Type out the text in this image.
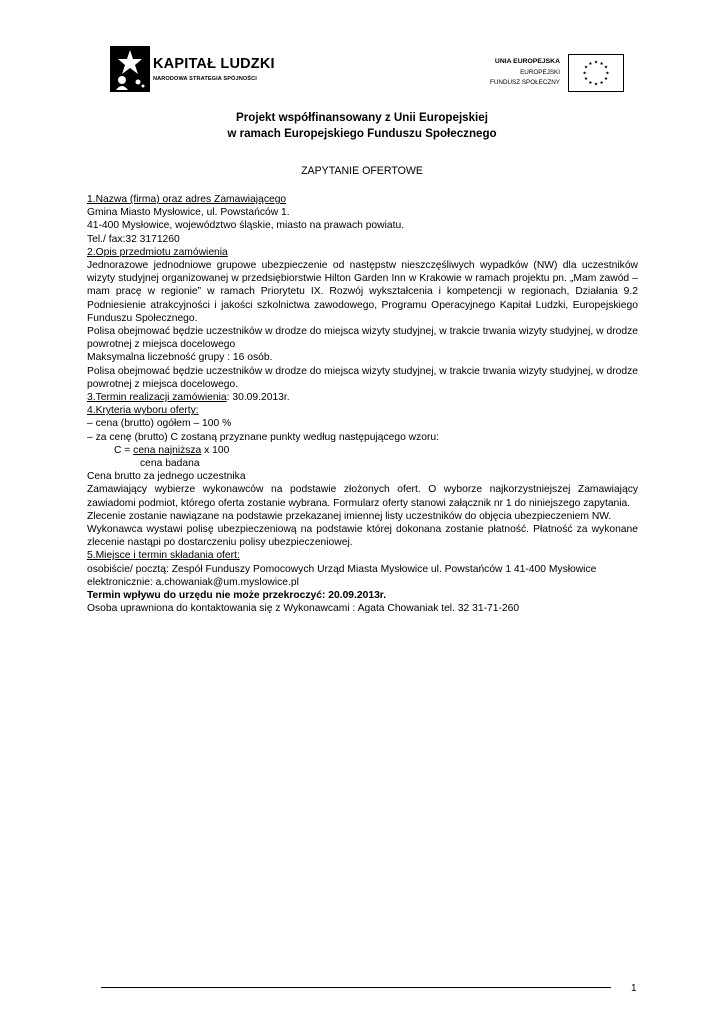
KAPITAŁ LUDZKI
NARODOWA STRATEGIA SPÓJNOŚCI
UNIA EUROPEJSKA
EUROPEJSKI
FUNDUSZ SPOŁECZNY
★ ★
★
★
★
★
★
★
★
★
★
★
Projekt współfinansowany z Unii Europejskiej
w ramach Europejskiego Funduszu Społecznego
ZAPYTANIE OFERTOWE

1.Nazwa (firma) oraz adres Zamawiającego

Gmina Miasto Mysłowice, ul. Powstańców 1.

41-400 Mysłowice, województwo śląskie, miasto na prawach powiatu.

Tel./ fax:32 3171260

2.Opis przedmiotu zamówienia

Jednorazowe jednodniowe grupowe ubezpieczenie od następstw nieszczęśliwych wypadków (NW) dla uczestników wizyty studyjnej organizowanej w przedsiębiorstwie Hilton Garden Inn w Krakowie w ramach projektu pn. „Mam zawód – mam pracę w regionie” w ramach Priorytetu IX. Rozwój wykształcenia i kompetencji w regionach, Działania 9.2 Podniesienie atrakcyjności i jakości szkolnictwa zawodowego, Programu Operacyjnego Kapitał Ludzki, Europejskiego Funduszu Społecznego.

Polisa obejmować będzie uczestników w drodze do miejsca wizyty studyjnej, w trakcie trwania wizyty studyjnej, w drodze powrotnej z miejsca docelowego

Maksymalna liczebność grupy : 16 osób.

Polisa obejmować będzie uczestników w drodze do miejsca wizyty studyjnej, w trakcie trwania wizyty studyjnej, w drodze powrotnej z miejsca docelowego.

3.Termin realizacji zamówienia: 30.09.2013r.

4.Kryteria wyboru oferty:

– cena (brutto) ogółem – 100 %

– za cenę (brutto) C zostaną przyznane punkty według następującego wzoru:

C = cena najniższa x 100

cena badana

Cena brutto za jednego uczestnika

Zamawiający wybierze wykonawców na podstawie złożonych ofert. O wyborze najkorzystniejszej Zamawiający zawiadomi podmiot, którego oferta zostanie wybrana. Formularz oferty stanowi załącznik nr 1 do niniejszego zapytania.

Zlecenie zostanie nawiązane na podstawie przekazanej imiennej listy uczestników do objęcia ubezpieczeniem NW.

Wykonawca wystawi polisę ubezpieczeniową na podstawie której dokonana zostanie płatność. Płatność za wykonane zlecenie nastąpi po dostarczeniu polisy ubezpieczeniowej.

5.Miejsce i termin składania ofert:

osobiście/ pocztą: Zespół Funduszy Pomocowych Urząd Miasta Mysłowice ul. Powstańców 1 41-400 Mysłowice

elektronicznie: a.chowaniak@um.myslowice.pl

Termin wpływu do urzędu nie może przekroczyć: 20.09.2013r.

Osoba uprawniona do kontaktowania się z Wykonawcami : Agata Chowaniak tel. 32 31-71-260

1
